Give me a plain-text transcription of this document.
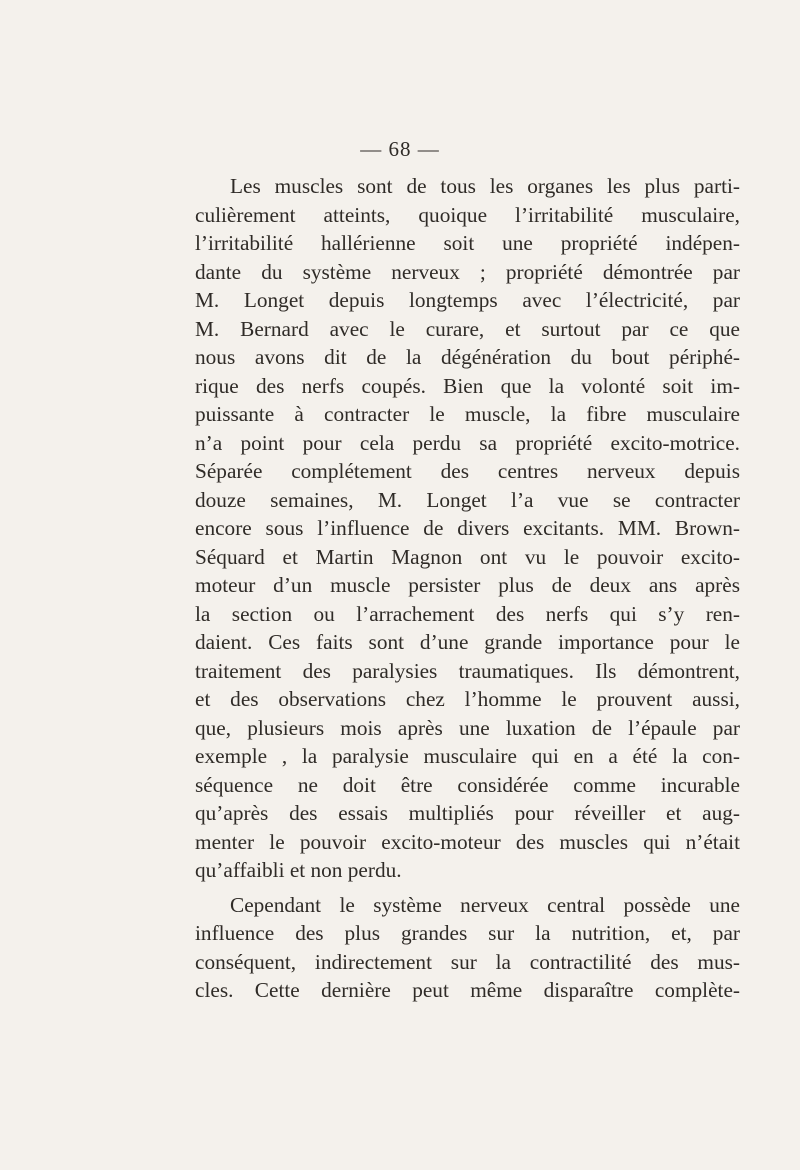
— 68 —
Les muscles sont de tous les organes les plus parti-
culièrement atteints, quoique l’irritabilité musculaire,
l’irritabilité hallérienne soit une propriété indépen-
dante du système nerveux ; propriété démontrée par
M. Longet depuis longtemps avec l’électricité, par
M. Bernard avec le curare, et surtout par ce que
nous avons dit de la dégénération du bout périphé-
rique des nerfs coupés. Bien que la volonté soit im-
puissante à contracter le muscle, la fibre musculaire
n’a point pour cela perdu sa propriété excito-motrice.
Séparée complétement des centres nerveux depuis
douze semaines, M. Longet l’a vue se contracter
encore sous l’influence de divers excitants. MM. Brown-
Séquard et Martin Magnon ont vu le pouvoir excito-
moteur d’un muscle persister plus de deux ans après
la section ou l’arrachement des nerfs qui s’y ren-
daient. Ces faits sont d’une grande importance pour le
traitement des paralysies traumatiques. Ils démontrent,
et des observations chez l’homme le prouvent aussi,
que, plusieurs mois après une luxation de l’épaule par
exemple , la paralysie musculaire qui en a été la con-
séquence ne doit être considérée comme incurable
qu’après des essais multipliés pour réveiller et aug-
menter le pouvoir excito-moteur des muscles qui n’était
qu’affaibli et non perdu.
Cependant le système nerveux central possède une
influence des plus grandes sur la nutrition, et, par
conséquent, indirectement sur la contractilité des mus-
cles. Cette dernière peut même disparaître complète-
